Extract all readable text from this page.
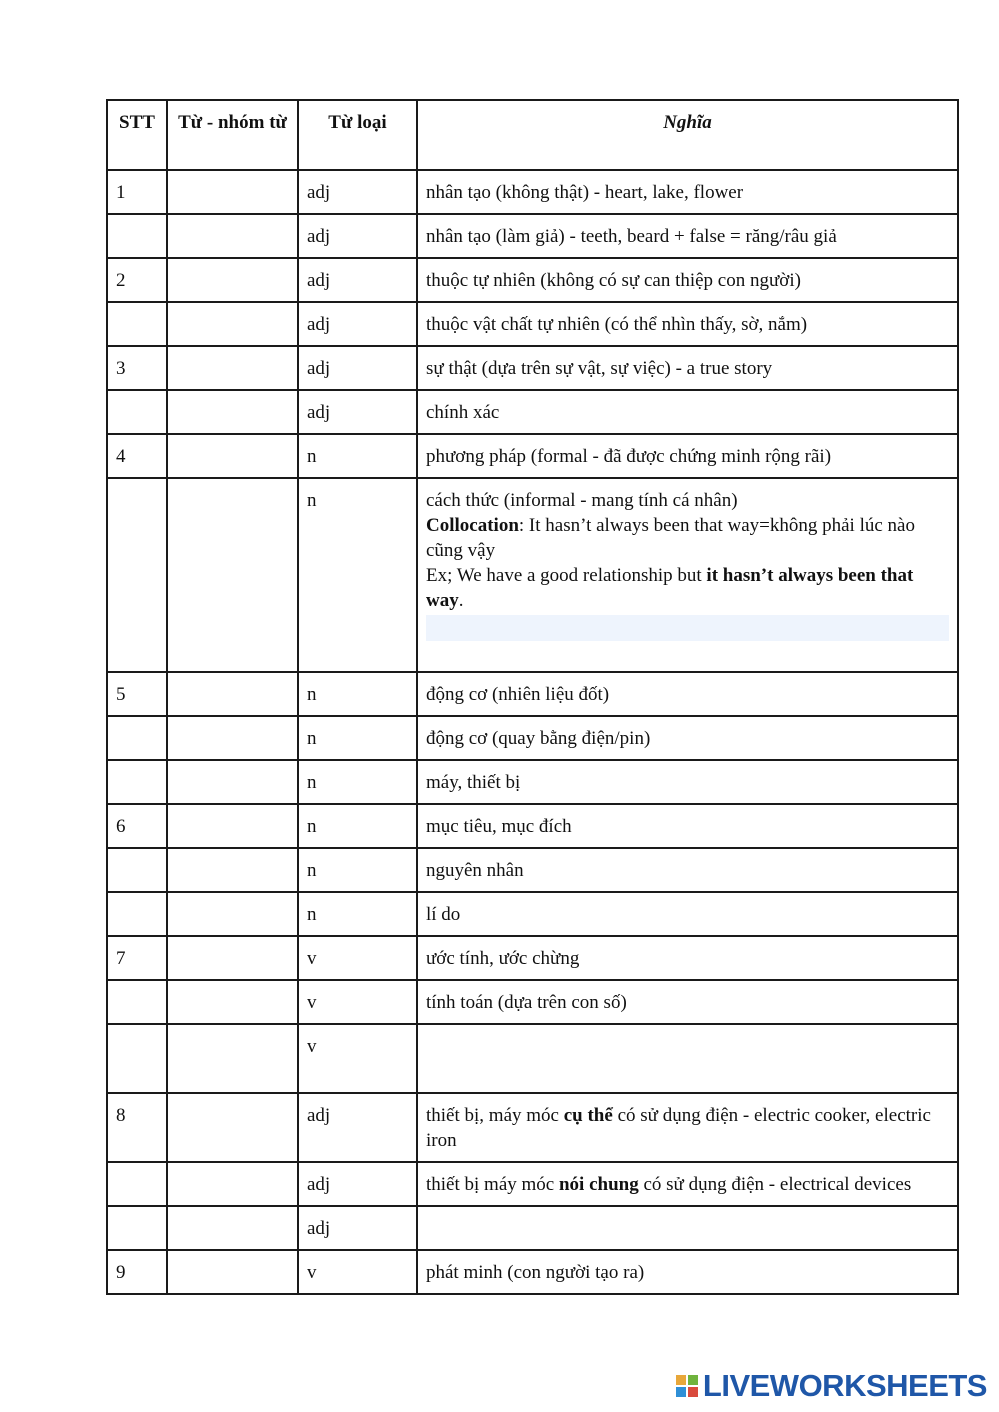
STT	Từ - nhóm từ	Từ loại	Nghĩa
1		adj	nhân tạo (không thật) - heart, lake, flower
		adj	nhân tạo (làm giả) - teeth, beard + false = răng/râu giả
2		adj	thuộc tự nhiên (không có sự can thiệp con người)
		adj	thuộc vật chất tự nhiên (có thể nhìn thấy, sờ, nắm)
3		adj	sự thật (dựa trên sự vật, sự việc) - a true story
		adj	chính xác
4		n	phương pháp (formal - đã được chứng minh rộng rãi)
		n	cách thức (informal - mang tính cá nhân)
Collocation: It hasn’t always been that way=không phải lúc nào cũng vậy
Ex; We have a good relationship but it hasn’t always been that way.

5		n	động cơ (nhiên liệu đốt)
		n	động cơ (quay bằng điện/pin)
		n	máy, thiết bị
6		n	mục tiêu, mục đích
		n	nguyên nhân
		n	lí do
7		v	ước tính, ước chừng
		v	tính toán (dựa trên con số)
		v	
8		adj	thiết bị, máy móc cụ thể có sử dụng điện - electric cooker, electric iron
		adj	thiết bị máy móc nói chung có sử dụng điện - electrical devices
		adj	
9		v	phát minh (con người tạo ra)
LIVEWORKSHEETS
